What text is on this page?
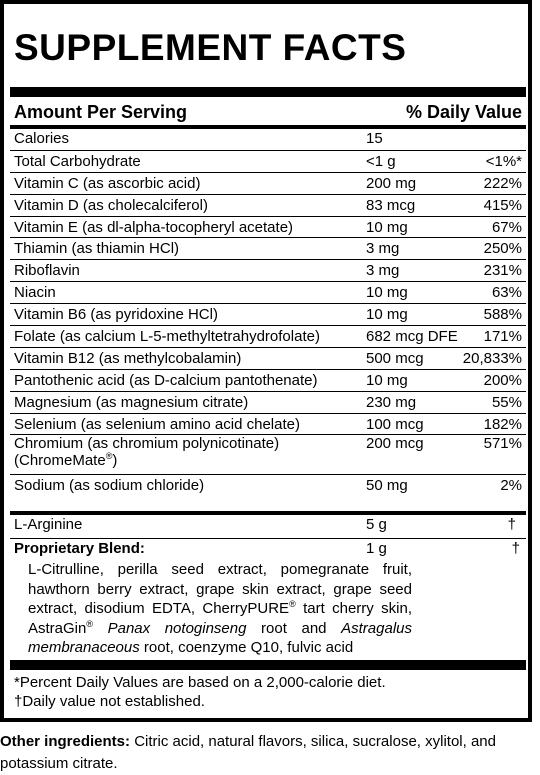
SUPPLEMENT FACTS
Amount Per Serving	% Daily Value
Calories	15
Total Carbohydrate	<1 g	<1%*
Vitamin C (as ascorbic acid)	200 mg	222%
Vitamin D (as cholecalciferol)	83 mcg	415%
Vitamin E (as dl-alpha-tocopheryl acetate)	10 mg	67%
Thiamin (as thiamin HCl)	3 mg	250%
Riboflavin	3 mg	231%
Niacin	10 mg	63%
Vitamin B6 (as pyridoxine HCl)	10 mg	588%
Folate (as calcium L-5-methyltetrahydrofolate)	682 mcg DFE 171%
Vitamin B12 (as methylcobalamin)	500 mcg	20,833%
Pantothenic acid (as D-calcium pantothenate)	10 mg	200%
Magnesium (as magnesium citrate)	230 mg	55%
Selenium (as selenium amino acid chelate)	100 mcg	182%
Chromium (as chromium polynicotinate) (ChromeMate®)
200 mcg	571%
Sodium (as sodium chloride)	50 mg	2%
L-Arginine	5 g	†
Proprietary Blend:	1 g	†
L-Citrulline, perilla seed extract, pomegranate fruit, hawthorn berry extract, grape skin extract, grape seed extract, disodium EDTA, CherryPURE® tart cherry skin, AstraGin® Panax notoginseng root and Astragalus membranaceous root, coenzyme Q10, fulvic acid
*Percent Daily Values are based on a 2,000-calorie diet.
†Daily value not established.
Other ingredients: Citric acid, natural flavors, silica, sucralose, xylitol, and potassium citrate.
